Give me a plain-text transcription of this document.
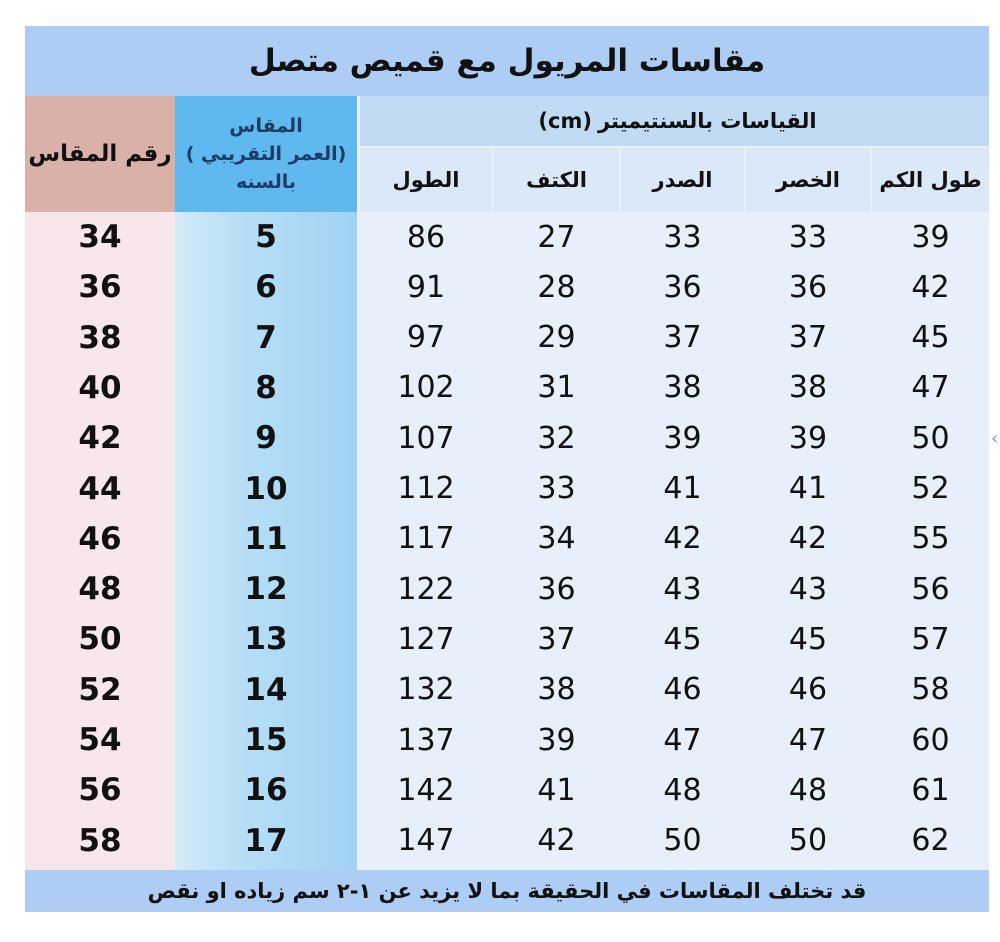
مقاسات المريول مع قميص متصل
رقم المقاس
المقاس
(العمر التقريبي )
بالسنه
القياسات بالسنتيميتر
(cm)
الطول	الكتف	الصدر	الخصر	طول الكم
34	5	86	27	33	33	39
36	6	91	28	36	36	42
38	7	97	29	37	37	45
40	8	102	31	38	38	47
42	9	107	32	39	39	50
44	10	112	33	41	41	52
46	11	117	34	42	42	55
48	12	122	36	43	43	56
50	13	127	37	45	45	57
52	14	132	38	46	46	58
54	15	137	39	47	47	60
56	16	142	41	48	48	61
58	17	147	42	50	50	62
قد تختلف المقاسات في الحقيقة بما لا يزيد عن ١-٢ سم زياده او نقص
‹
